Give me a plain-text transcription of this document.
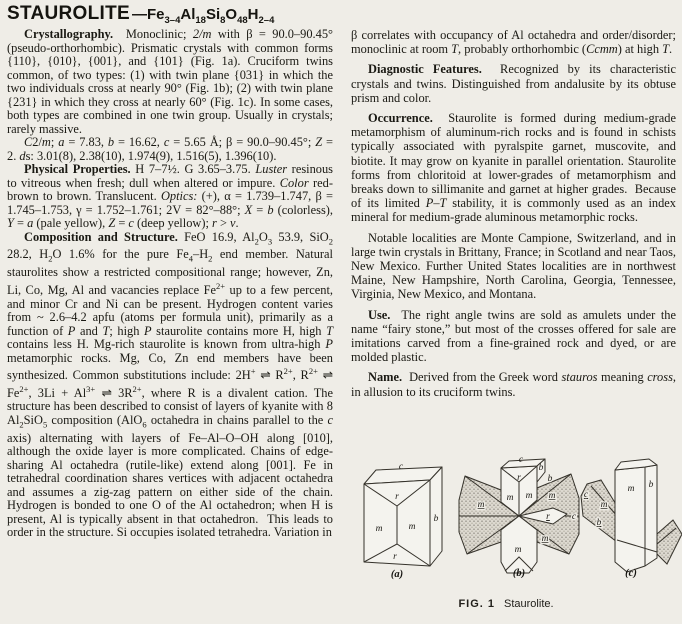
STAUROLITE $—Fe_{3-4}Al_{18}Si_8O_{48}H_{2-4}$

Crystallography.  Monoclinic; 2/m with β = 90.0–90.45° (pseudo-orthorhombic). Prismatic crystals with common forms {110}, {010}, {001}, and {101} (Fig. 1a). Cruciform twins common, of two types: (1) with twin plane {031} in which the two individuals cross at nearly 90° (Fig. 1b); (2) with twin plane {231} in which they cross at nearly 60° (Fig. 1c). In some cases, both types are combined in one twin group. Usually in crystals; rarely massive.

C2/m; a = 7.83, b = 16.62, c = 5.65 Å; β = 90.0–90.45°; Z = 2. ds: 3.01(8), 2.38(10), 1.974(9), 1.516(5), 1.396(10).

Physical Properties. H 7–7½. G 3.65–3.75. Luster resinous to vitreous when fresh; dull when altered or impure. Color red-brown to brown. Translucent. Optics: (+), α = 1.739–1.747, β = 1.745–1.753, γ = 1.752–1.761; 2V = 82°–88°; X = b (colorless), Y = a (pale yellow), Z = c (deep yellow); r > v.

Composition and Structure. FeO 16.9, $Al_2O_3$ 53.9, SiO$_2$ 28.2, $H_2O$ 1.6% for the pure $Fe_4-H_2$ end member. Natural staurolites show a restricted compositional range; however, Zn, Li, Co, Mg, Al and vacancies replace $Fe^{2+}$ up to a few percent, and minor Cr and Ni can be present. Hydrogen content varies from ~ 2.6–4.2 apfu (atoms per formula unit), primarily as a function of P and T; high P staurolite contains more H, high T contains less H. Mg-rich staurolite is known from ultra-high P metamorphic rocks. Mg, Co, Zn end members have been synthesized. Common substitutions include: 2H+ ⇌ $R^{2+}$, $R^{2+}$ ⇌ $Fe^{2+}$, $3Li + Al^{3+}$ ⇌ $3R^{2+}$, where R is a divalent cation. The structure has been described to consist of layers of kyanite with 8 $Al_2SiO_5$ composition (AlO$_6$ octahedra in chains parallel to the c axis) alternating with layers of Fe–Al–O–OH along [010], although the oxide layer is more complicated. Chains of edge-sharing Al octahedra (rutile-like) extend along [001]. Fe in tetrahedral coordination shares vertices with adjacent octahedra and assumes a zig-zag pattern on either side of the chain. Hydrogen is bonded to one O of the Al octahedron; when H is present, Al is typically absent in that octahedron.  This leads to order in the structure. Si occupies isolated tetrahedra. Variation in

β correlates with occupancy of Al octahedra and order/disorder; monoclinic at room T, probably orthorhombic (Ccmm) at high T.

Diagnostic Features.  Recognized by its characteristic crystals and twins. Distinguished from andalusite by its obtuse prism and color.

Occurrence.  Staurolite is formed during medium-grade metamorphism of aluminum-rich rocks and is found in schists typically associated with pyralspite garnet, muscovite, and biotite. It may grow on kyanite in parallel orientation. Staurolite forms from chloritoid at lower-grades of metamorphism and breaks down to sillimanite and garnet at higher grades.  Because of its limited P–T stability, it is commonly used as an index mineral for medium-grade aluminous metamorphic rocks.

Notable localities are Monte Campione, Switzerland, and in large twin crystals in Brittany, France; in Scotland and near Taos, New Mexico. Further United States localities are in northwest Maine, New Hampshire, North Carolina, Georgia, Tennessee, Virginia, New Mexico, and Montana.

Use.  The right angle twins are sold as amulets under the name “fairy stone,” but most of the crosses offered for sale are imitations carved from a fine-grained rock and dyed, or are molded plastic.

Name.  Derived from the Greek word stauros meaning cross, in allusion to its cruciform twins.

c
r
m	m
b
r
(a)
c
b
b
r
m m
m
m
r c
m
m
(b)
c
m
b
m b
(c)
FIG. 1 Staurolite.
